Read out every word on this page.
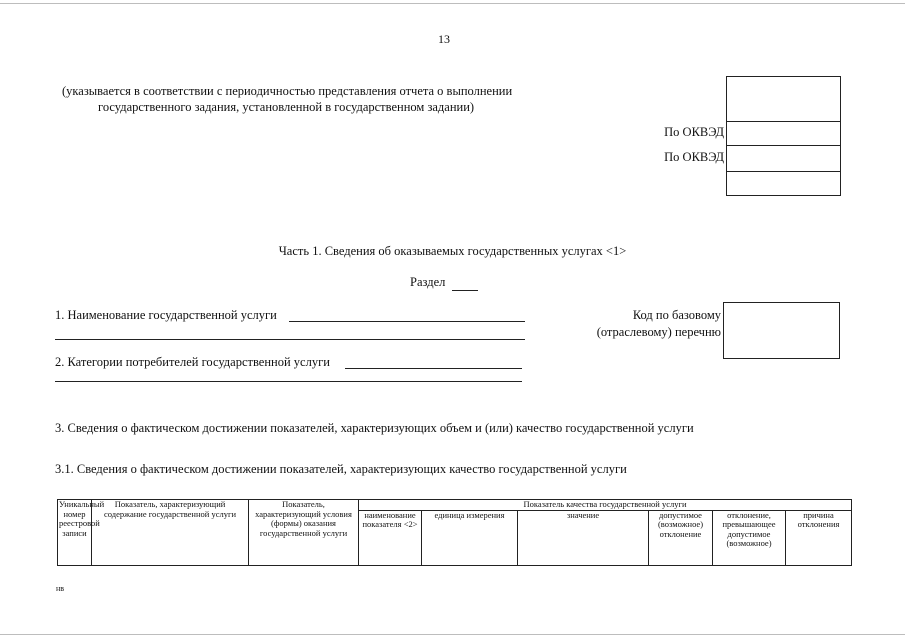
13
(указывается в соответствии с периодичностью представления отчета о выполнении
государственного задания, установленной в государственном задании)
По ОКВЭД
По ОКВЭД
Часть 1. Сведения об оказываемых государственных услугах <1>
Раздел
1. Наименование государственной услуги	Код по базовому (отраслевому) перечню
2. Категории потребителей государственной услуги
3. Сведения о фактическом достижении показателей, характеризующих объем и (или) качество государственной услуги
3.1. Сведения о фактическом достижении показателей, характеризующих качество государственной услуги
Уникальный номер реестровой записи	Показатель, характеризующий содержание государственной услуги	Показатель, характеризующий условия (формы) оказания государственной услуги	Показатель качества государственной услуги					
			наименование показателя <2>	единица измерения	значение	допустимое (возможное) отклонение	отклонение, превышающее допустимое (возможное)	причина отклонения
нв
